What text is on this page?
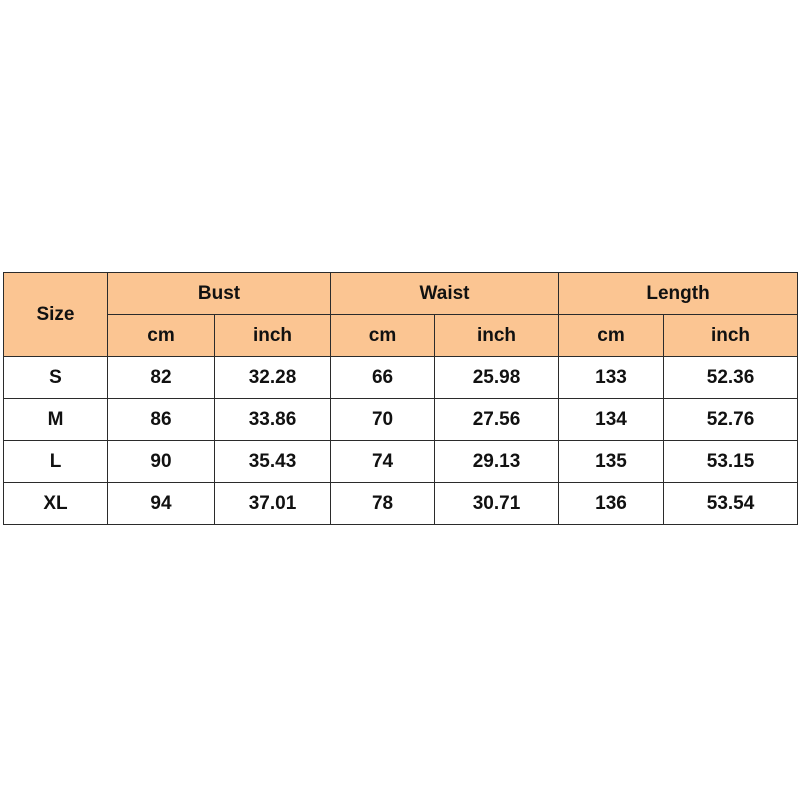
Size	Bust		Waist		Length	
	cm	inch	cm	inch	cm	inch
S	82	32.28	66	25.98	133	52.36
M	86	33.86	70	27.56	134	52.76
L	90	35.43	74	29.13	135	53.15
XL	94	37.01	78	30.71	136	53.54
